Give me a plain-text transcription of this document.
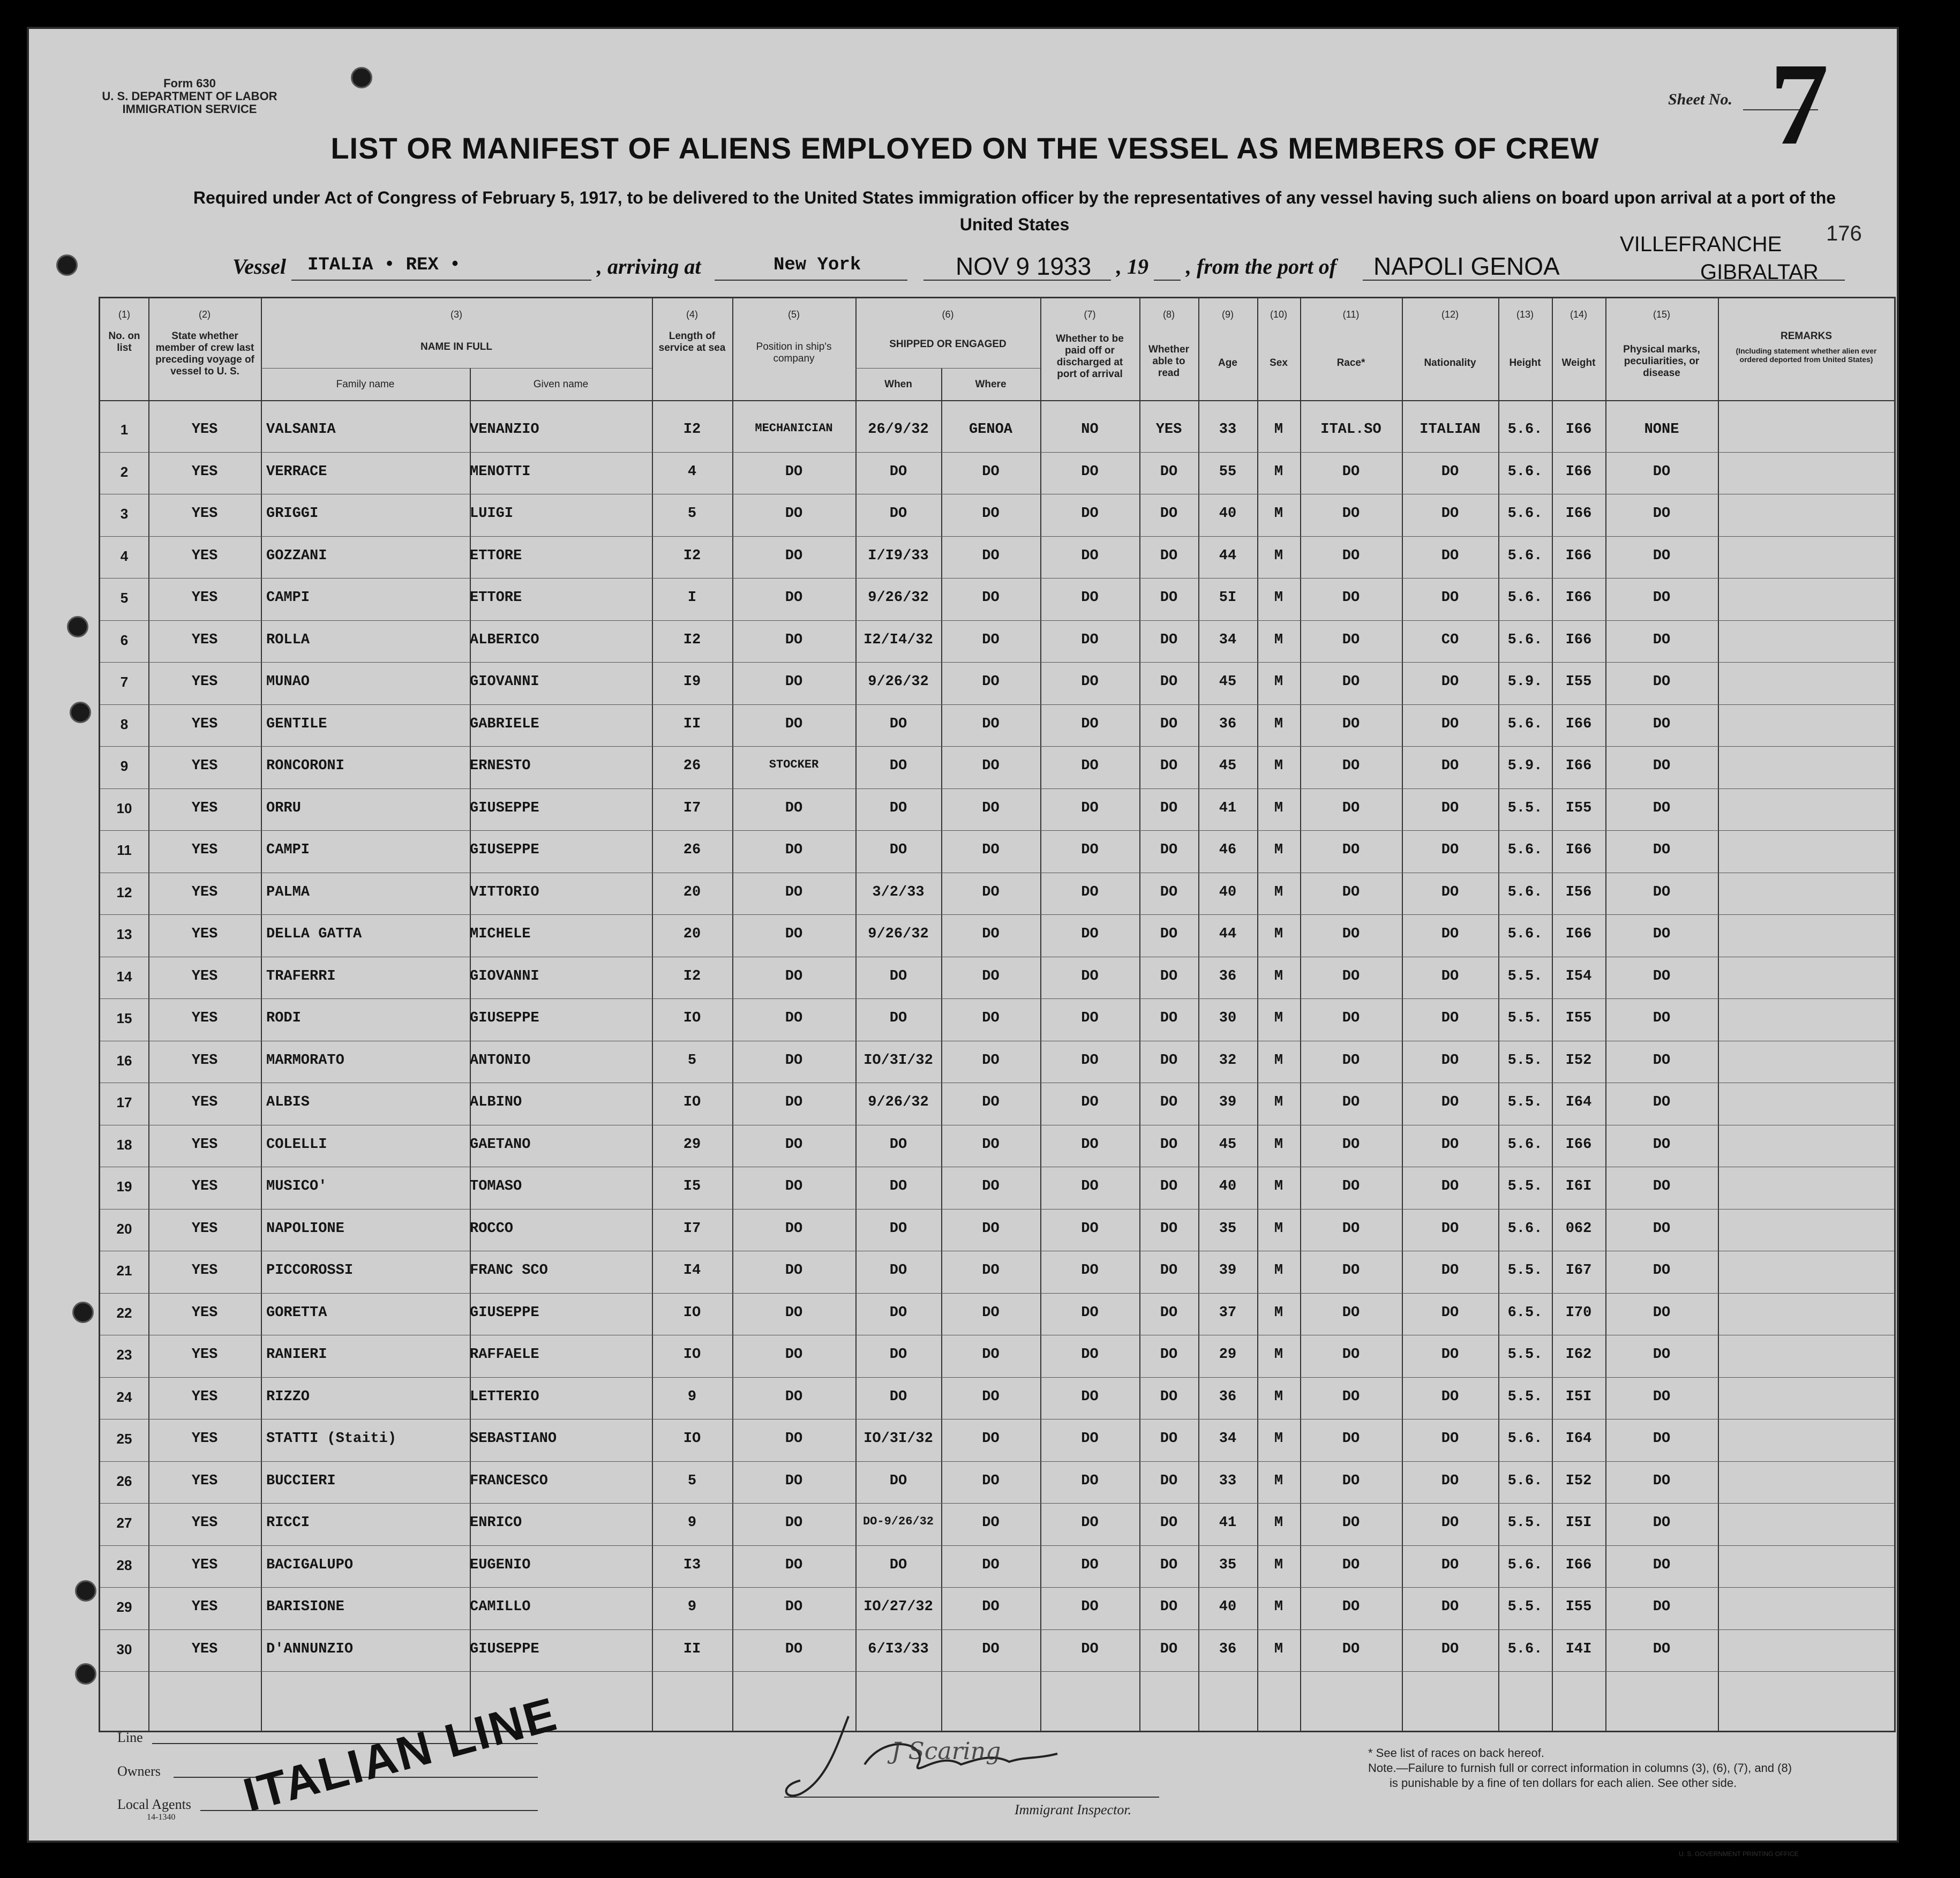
Form 630
U. S. DEPARTMENT OF LABOR
IMMIGRATION SERVICE
Sheet No. 7
176
LIST OR MANIFEST OF ALIENS EMPLOYED ON THE VESSEL AS MEMBERS OF CREW
Required under Act of Congress of February 5, 1917, to be delivered to the United States immigration officer by the representatives of any vessel having such aliens on board upon arrival at a port of the United States
Vessel ITALIA • REX •	, arriving at	New York	NOV 9 1933 , 19 , from the port of NAPOLI GENOA
VILLEFRANCHE
GIBRALTAR
(1)	(2)	(3)	(4)	(5)	(6)	(7)	(8)	(9)	(10)	(11)	(12)	(13)	(14)	(15)
No. on list
State whether member of crew last preceding voyage of vessel to U. S.
NAME IN FULL
Family name	Given name
Length of service at sea	Position in ship's company
SHIPPED OR ENGAGED
When	Where
Whether to be paid off or discharged at port of arrival
Whether able to read
Age	Sex	Race*	Nationality	Height	Weight
Physical marks, peculiarities, or disease
REMARKS
(Including statement whether alien ever ordered deported from United States)
1	YES	VALSANIA	VENANZIO	I2	MECHANICIAN	26/9/32	GENOA	NO	YES	33	M	ITAL.SO	ITALIAN	5.6.	I66	NONE
2	YES	VERRACE	MENOTTI	4	DO	DO	DO	DO	DO	55	M	DO	DO	5.6.	I66	DO
3	YES	GRIGGI	LUIGI	5	DO	DO	DO	DO	DO	40	M	DO	DO	5.6.	I66	DO
4	YES	GOZZANI	ETTORE	I2	DO	I/I9/33	DO	DO	DO	44	M	DO	DO	5.6.	I66	DO
5	YES	CAMPI	ETTORE	I	DO	9/26/32	DO	DO	DO	5I	M	DO	DO	5.6.	I66	DO
6	YES	ROLLA	ALBERICO	I2	DO	I2/I4/32	DO	DO	DO	34	M	DO	CO	5.6.	I66	DO
7	YES	MUNAO	GIOVANNI	I9	DO	9/26/32	DO	DO	DO	45	M	DO	DO	5.9.	I55	DO
8	YES	GENTILE	GABRIELE	II	DO	DO	DO	DO	DO	36	M	DO	DO	5.6.	I66	DO
9	YES	RONCORONI	ERNESTO	26	STOCKER	DO	DO	DO	DO	45	M	DO	DO	5.9.	I66	DO
10	YES	ORRU	GIUSEPPE	I7	DO	DO	DO	DO	DO	41	M	DO	DO	5.5.	I55	DO
11	YES	CAMPI	GIUSEPPE	26	DO	DO	DO	DO	DO	46	M	DO	DO	5.6.	I66	DO
12	YES	PALMA	VITTORIO	20	DO	3/2/33	DO	DO	DO	40	M	DO	DO	5.6.	I56	DO
13	YES	DELLA GATTA	MICHELE	20	DO	9/26/32	DO	DO	DO	44	M	DO	DO	5.6.	I66	DO
14	YES	TRAFERRI	GIOVANNI	I2	DO	DO	DO	DO	DO	36	M	DO	DO	5.5.	I54	DO
15	YES	RODI	GIUSEPPE	IO	DO	DO	DO	DO	DO	30	M	DO	DO	5.5.	I55	DO
16	YES	MARMORATO	ANTONIO	5	DO	IO/3I/32	DO	DO	DO	32	M	DO	DO	5.5.	I52	DO
17	YES	ALBIS	ALBINO	IO	DO	9/26/32	DO	DO	DO	39	M	DO	DO	5.5.	I64	DO
18	YES	COLELLI	GAETANO	29	DO	DO	DO	DO	DO	45	M	DO	DO	5.6.	I66	DO
19	YES	MUSICO'	TOMASO	I5	DO	DO	DO	DO	DO	40	M	DO	DO	5.5.	I6I	DO
20	YES	NAPOLIONE	ROCCO	I7	DO	DO	DO	DO	DO	35	M	DO	DO	5.6.	062	DO
21	YES	PICCOROSSI	FRANC SCO	I4	DO	DO	DO	DO	DO	39	M	DO	DO	5.5.	I67	DO
22	YES	GORETTA	GIUSEPPE	IO	DO	DO	DO	DO	DO	37	M	DO	DO	6.5.	I70	DO
23	YES	RANIERI	RAFFAELE	IO	DO	DO	DO	DO	DO	29	M	DO	DO	5.5.	I62	DO
24	YES	RIZZO	LETTERIO	9	DO	DO	DO	DO	DO	36	M	DO	DO	5.5.	I5I	DO
25	YES	STATTI (Staiti)	SEBASTIANO	IO	DO	IO/3I/32	DO	DO	DO	34	M	DO	DO	5.6.	I64	DO
26	YES	BUCCIERI	FRANCESCO	5	DO	DO	DO	DO	DO	33	M	DO	DO	5.6.	I52	DO
27	YES	RICCI	ENRICO	9	DO	DO-9/26/32	DO	DO	DO	41	M	DO	DO	5.5.	I5I	DO
28	YES	BACIGALUPO	EUGENIO	I3	DO	DO	DO	DO	DO	35	M	DO	DO	5.6.	I66	DO
29	YES	BARISIONE	CAMILLO	9	DO	IO/27/32	DO	DO	DO	40	M	DO	DO	5.5.	I55	DO
30	YES	D'ANNUNZIO	GIUSEPPE	II	DO	6/I3/33	DO	DO	DO	36	M	DO	DO	5.6.	I4I	DO
Line
Owners
Local Agents
14-1340 ITALIAN LINE	J Scaring
Immigrant Inspector.
* See list of races on back hereof.
Note.—Failure to furnish full or correct information in columns (3), (6), (7), and (8)
is punishable by a fine of ten dollars for each alien. See other side.
U. S. GOVERNMENT PRINTING OFFICE
